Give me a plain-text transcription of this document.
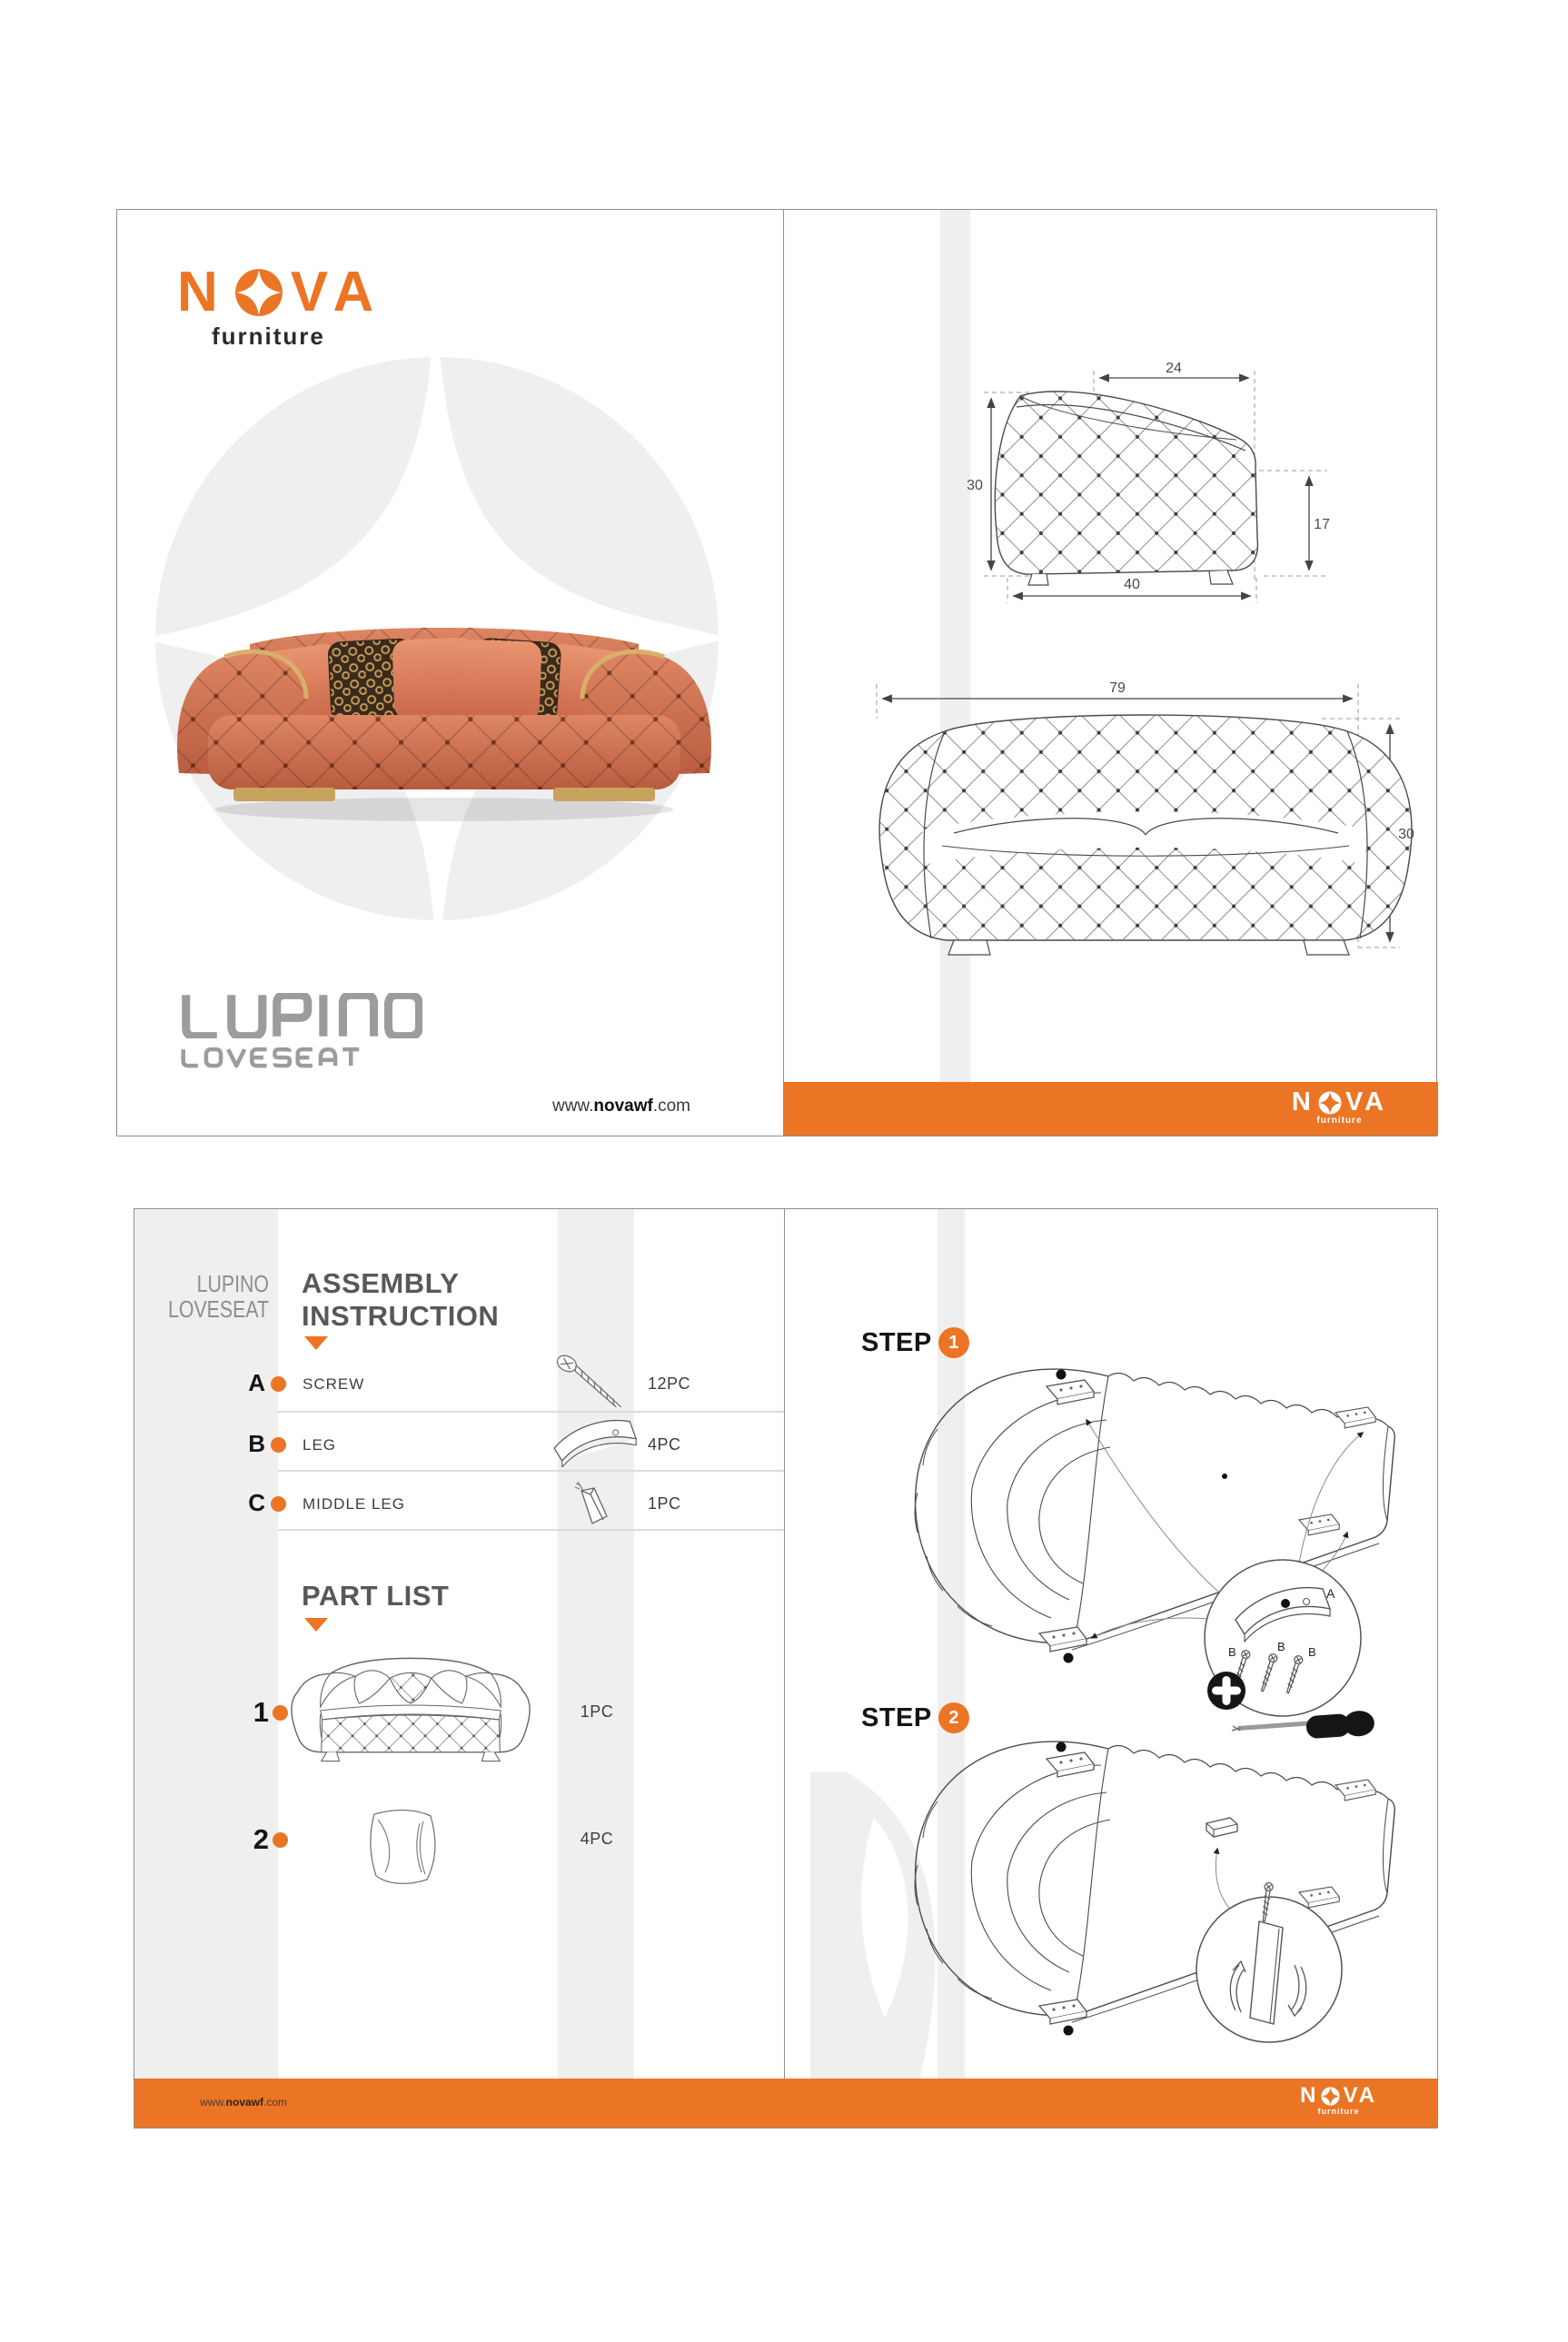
N VA
furniture
www.novawf.com
24
30
17
40
79
30
N VA
furniture
LUPINO
LOVESEAT
ASSEMBLY
INSTRUCTION
A SCREW	12PC
B LEG	4PC
C MIDDLE LEG	1PC
PART LIST
1	1PC
2	4PC
STEP 1
A
B	B B
STEP 2
www.novawf.com	N VA
furniture
